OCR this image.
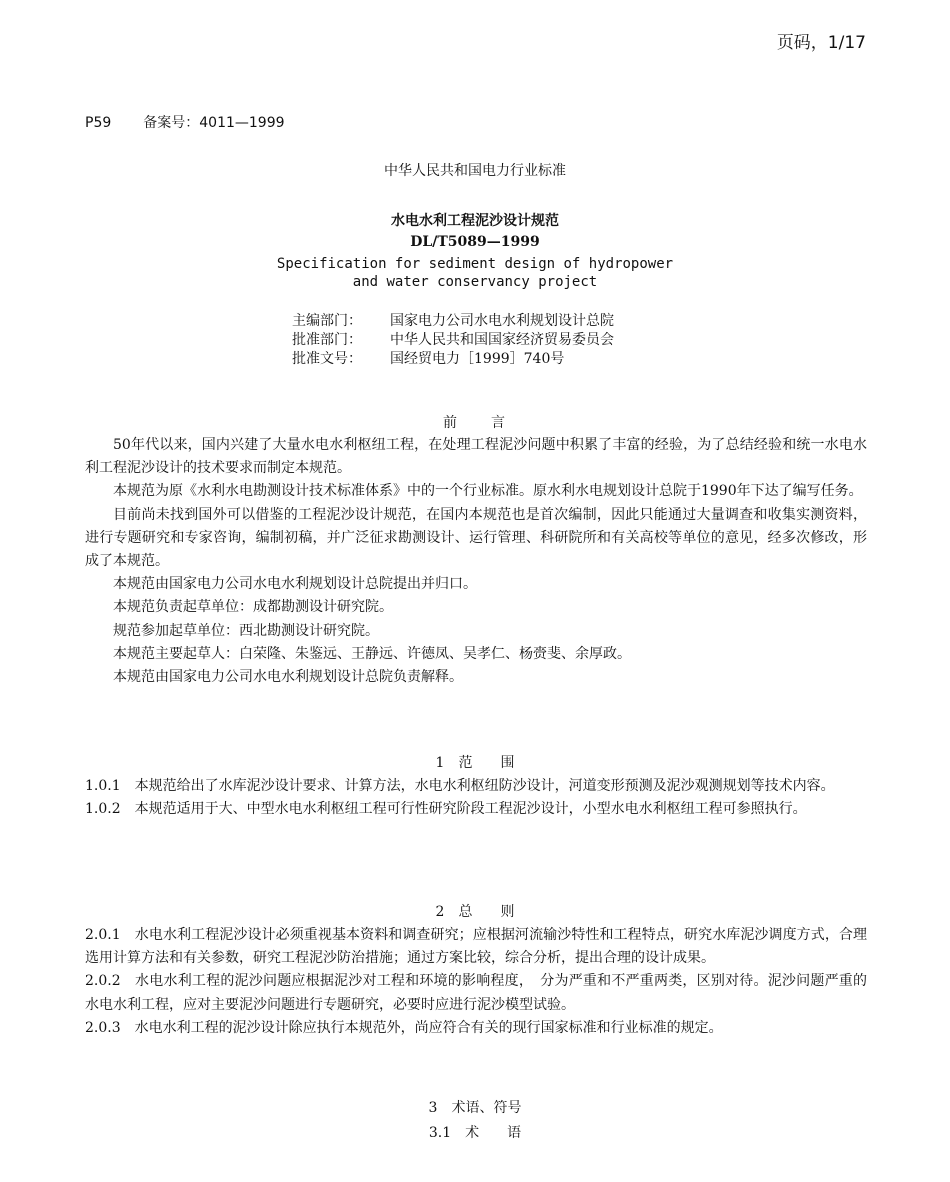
页码，1/17
P59 备案号：4011—1999
中华人民共和国电力行业标准
水电水利工程泥沙设计规范
DL/T5089—1999
Specification for sediment design of hydropower
and water conservancy project
主编部门： 国家电力公司水电水利规划设计总院
批准部门： 中华人民共和国国家经济贸易委员会
批准文号： 国经贸电力［1999］740号
前　　言

50年代以来，国内兴建了大量水电水利枢纽工程，在处理工程泥沙问题中积累了丰富的经验，为了总结经验和统一水电水利工程泥沙设计的技术要求而制定本规范。

本规范为原《水利水电勘测设计技术标准体系》中的一个行业标准。原水利水电规划设计总院于1990年下达了编写任务。

目前尚未找到国外可以借鉴的工程泥沙设计规范，在国内本规范也是首次编制，因此只能通过大量调查和收集实测资料，进行专题研究和专家咨询，编制初稿，并广泛征求勘测设计、运行管理、科研院所和有关高校等单位的意见，经多次修改，形成了本规范。

本规范由国家电力公司水电水利规划设计总院提出并归口。

本规范负责起草单位：成都勘测设计研究院。

规范参加起草单位：西北勘测设计研究院。

本规范主要起草人：白荣隆、朱鉴远、王静远、许德凤、吴孝仁、杨赍斐、余厚政。

本规范由国家电力公司水电水利规划设计总院负责解释。

1　范　　围

1.0.1　本规范给出了水库泥沙设计要求、计算方法，水电水利枢纽防沙设计，河道变形预测及泥沙观测规划等技术内容。

1.0.2　本规范适用于大、中型水电水利枢纽工程可行性研究阶段工程泥沙设计，小型水电水利枢纽工程可参照执行。

2　总　　则

2.0.1　水电水利工程泥沙设计必须重视基本资料和调查研究；应根据河流输沙特性和工程特点，研究水库泥沙调度方式，合理选用计算方法和有关参数，研究工程泥沙防治措施；通过方案比较，综合分析，提出合理的设计成果。

2.0.2　水电水利工程的泥沙问题应根据泥沙对工程和环境的影响程度，　分为严重和不严重两类，区别对待。泥沙问题严重的水电水利工程，应对主要泥沙问题进行专题研究，必要时应进行泥沙模型试验。

2.0.3　水电水利工程的泥沙设计除应执行本规范外，尚应符合有关的现行国家标准和行业标准的规定。

3　术语、符号
3.1　术　　语
